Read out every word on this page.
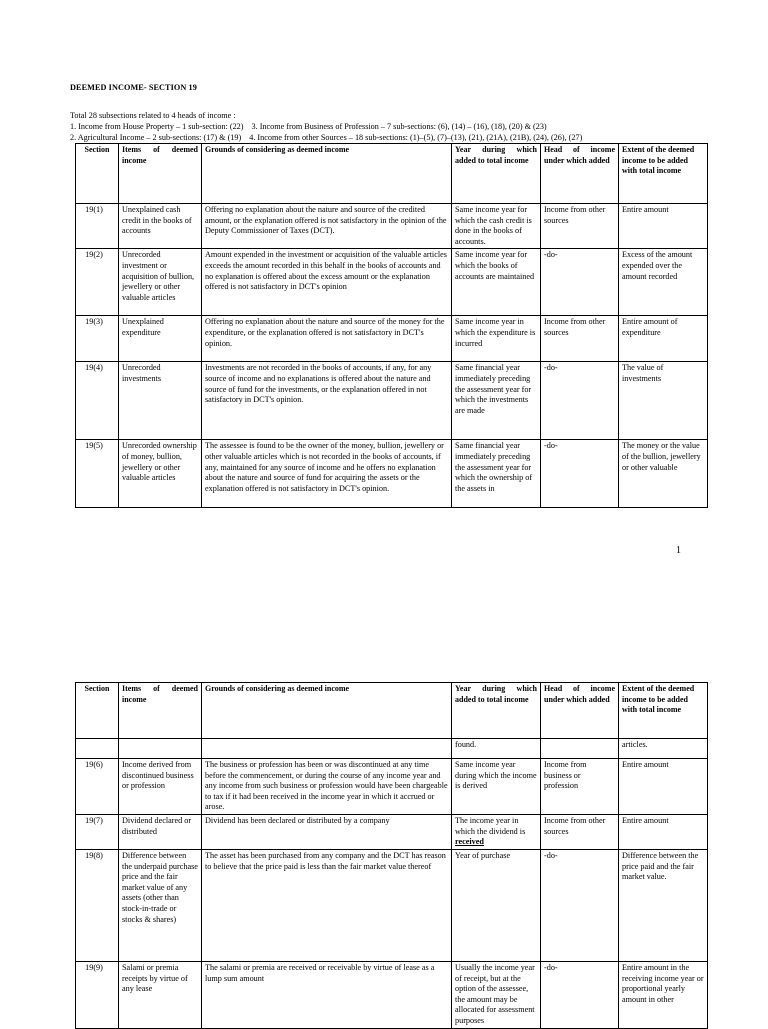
DEEMED INCOME- SECTION 19
Total 28 subsections related to 4 heads of income :
1. Income from House Property – 1 sub-section: (22) 3. Income from Business of Profession – 7 sub-sections: (6), (14) – (16), (18), (20) & (23)
2. Agricultural Income – 2 sub-sections: (17) & (19) 4. Income from other Sources – 18 sub-sections: (1)–(5), (7)–(13), (21), (21A), (21B), (24), (26), (27)
Section	Items of deemed income	Grounds of considering as deemed income	Year during which added to total income	Head of income under which added	Extent of the deemed income to be added with total income
19(1)	Unexplained cash credit in the books of accounts	Offering no explanation about the nature and source of the credited amount, or the explanation offered is not satisfactory in the opinion of the Deputy Commissioner of Taxes (DCT).	Same income year for which the cash credit is done in the books of accounts.	Income from other sources	Entire amount
19(2)	Unrecorded investment or acquisition of bullion, jewellery or other valuable articles	Amount expended in the investment or acquisition of the valuable articles exceeds the amount recorded in this behalf in the books of accounts and no explanation is offered about the excess amount or the explanation offered is not satisfactory in DCT's opinion	Same income year for which the books of accounts are maintained	-do-	Excess of the amount expended over the amount recorded
19(3)	Unexplained expenditure	Offering no explanation about the nature and source of the money for the expenditure, or the explanation offered is not satisfactory in DCT's opinion.	Same income year in which the expenditure is incurred	Income from other sources	Entire amount of expenditure
19(4)	Unrecorded investments	Investments are not recorded in the books of accounts, if any, for any source of income and no explanations is offered about the nature and source of fund for the investments, or the explanation offered in not satisfactory in DCT's opinion.	Same financial year immediately preceding the assessment year for which the investments are made	-do-	The value of investments
19(5)	Unrecorded ownership of money, bullion, jewellery or other valuable articles	The assessee is found to be the owner of the money, bullion, jewellery or other valuable articles which is not recorded in the books of accounts, if any, maintained for any source of income and he offers no explanation about the nature and source of fund for acquiring the assets or the explanation offered is not satisfactory in DCT's opinion.	Same financial year immediately preceding the assessment year for which the ownership of the assets in	-do-	The money or the value of the bullion, jewellery or other valuable
1
Section	Items of deemed income	Grounds of considering as deemed income	Year during which added to total income	Head of income under which added	Extent of the deemed income to be added with total income
			found.		articles.
19(6)	Income derived from discontinued business or profession	The business or profession has been or was discontinued at any time before the commencement, or during the course of any income year and any income from such business or profession would have been chargeable to tax if it had been received in the income year in which it accrued or arose.	Same income year during which the income is derived	Income from business or profession	Entire amount
19(7)	Dividend declared or distributed	Dividend has been declared or distributed by a company	The income year in which the dividend is received	Income from other sources	Entire amount
19(8)	Difference between the underpaid purchase price and the fair market value of any assets (other than stock-in-trade or stocks & shares)	The asset has been purchased from any company and the DCT has reason to believe that the price paid is less than the fair market value thereof	Year of purchase	-do-	Difference between the price paid and the fair market value.
19(9)	Salami or premia receipts by virtue of any lease	The salami or premia are received or receivable by virtue of lease as a lump sum amount	Usually the income year of receipt, but at the option of the assessee, the amount may be allocated for assessment purposes	-do-	Entire amount in the receiving income year or proportional yearly amount in other
